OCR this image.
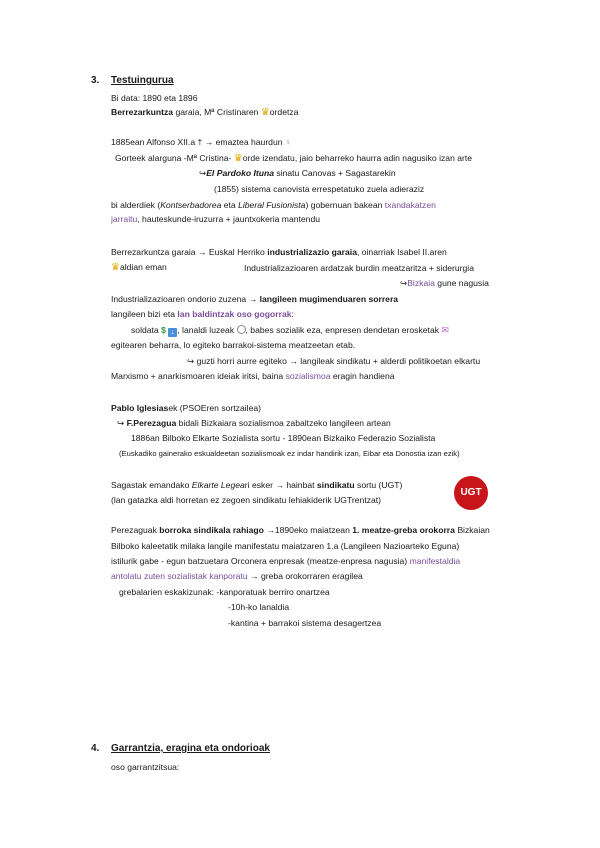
3. Testuingurua
Bi data: 1890 eta 1896
Berrezarkuntza garaia, Mª Cristinaren ♛ordetza
1885ean Alfonso XII.a † → emaztea haurdun ♀
Gorteek alarguna -Mª Cristina- ♛orde izendatu, jaio beharreko haurra adin nagusiko izan arte
↪El Pardoko Ituna sinatu Canovas + Sagastarekin
(1855) sistema canovista errespetatuko zuela adieraziz
bi alderdiek (Kontserbadorea eta Liberal Fusionista) gobernuan bakean txandakatzen
jarraitu, hauteskunde-iruzurra + jauntxokeria mantendu
Berrezarkuntza garaia → Euskal Herriko industrializazio garaia, oinarriak Isabel II.aren
♛aldian eman	Industrializazioaren ardatzak burdin meatzaritza + siderurgia
↪Bizkaia gune nagusia
Industrializazioaren ondorio zuzena → langileen mugimenduaren sorrera
langileen bizi eta lan baldintzak oso gogorrak:
soldata $ ↓ , lanaldi luzeak , babes sozialik eza, enpresen dendetan erosketak ✉
egitearen beharra, lo egiteko barrakoi-sistema meatzeetan etab.
↪ guzti horri aurre egiteko → langileak sindikatu + alderdi politikoetan elkartu
Marxismo + anarkismoaren ideiak iritsi, baina sozialismoa eragin handiena
Pablo Iglesiasek (PSOEren sortzailea)
↪ F.Perezagua bidali Bizkaiara sozialismoa zabaltzeko langileen artean
1886an Bilboko Elkarte Sozialista sortu - 1890ean Bizkaiko Federazio Sozialista
(Euskadiko gainerako eskualdeetan sozialismoak ez indar handirik izan, Eibar eta Donostia izan ezik)
Sagastak emandako Elkarte Legeari esker → hainbat sindikatu sortu (UGT)
(lan gatazka aldi horretan ez zegoen sindikatu lehiakiderik UGTrentzat)
UGT
Perezaguak borroka sindikala rahiago →1890eko maiatzean 1. meatze-greba orokorra Bizkaian
Bilboko kaleetatik milaka langile manifestatu maiatzaren 1.a (Langileen Nazioarteko Eguna)
istilurik gabe - egun batzuetara Orconera enpresak (meatze-enpresa nagusia) manifestaldia
antolatu zuten sozialistak kanporatu → greba orokorraren eragilea
grebalarien eskakizunak: -kanporatuak berriro onartzea
-10h-ko lanaldia
-kantina + barrakoi sistema desagertzea
4. Garrantzia, eragina eta ondorioak
oso garrantzitsua:
